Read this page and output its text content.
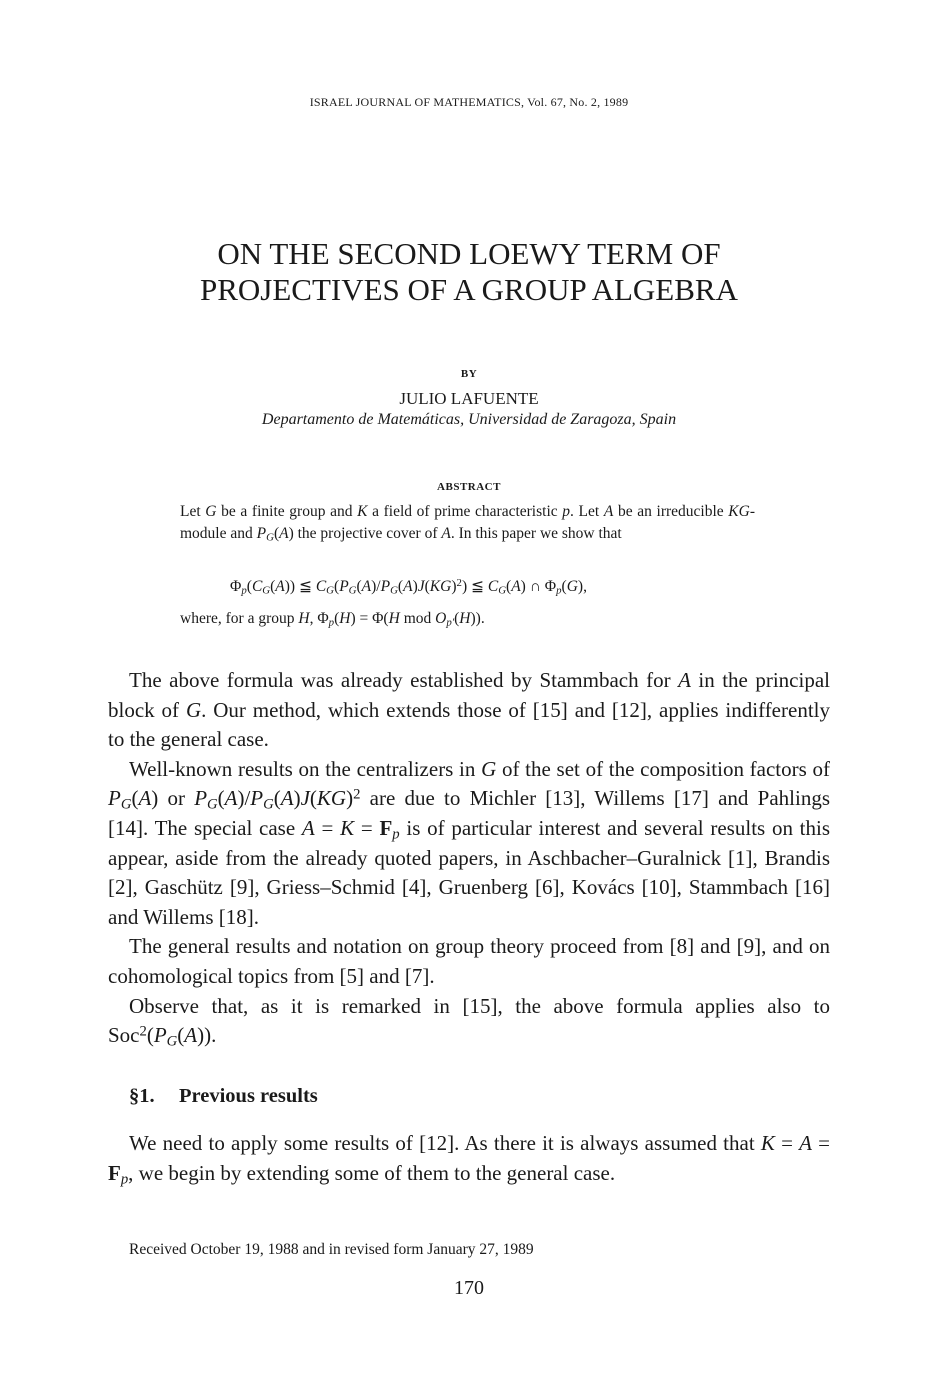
ISRAEL JOURNAL OF MATHEMATICS, Vol. 67, No. 2, 1989
ON THE SECOND LOEWY TERM OF
PROJECTIVES OF A GROUP ALGEBRA
BY
JULIO LAFUENTE
Departamento de Matemáticas, Universidad de Zaragoza, Spain
ABSTRACT
Let G be a finite group and K a field of prime characteristic p. Let A be an irreducible KG-module and $P_G(A)$ the projective cover of A. In this paper we show that
$\Phi_p(C_G(A))$ ≦ $C_G(P_G(A)/P_G(A)J(KG)^2)$ ≦ $C_G(A)$ ∩ $\Phi_p(G)$,
where, for a group H, $\Phi_p(H) = \Phi(H$ mod $O_{p'}(H)$).

The above formula was already established by Stammbach for A in the principal block of G. Our method, which extends those of [15] and [12], applies indifferently to the general case.

Well-known results on the centralizers in G of the set of the composition factors of $P_G(A)$ or $P_G(A)/P_G(A)J(KG)^2$ are due to Michler [13], Willems [17] and Pahlings [14]. The special case $A = K = F_p$ is of particular interest and several results on this appear, aside from the already quoted papers, in Aschbacher–Guralnick [1], Brandis [2], Gaschütz [9], Griess–Schmid [4], Gruenberg [6], Kovács [10], Stammbach [16] and Willems [18].

The general results and notation on group theory proceed from [8] and [9], and on cohomological topics from [5] and [7].

Observe that, as it is remarked in [15], the above formula applies also to $Soc^2(P_G(A))$.

§1. Previous results

We need to apply some results of [12]. As there it is always assumed that $K = A = F_p$, we begin by extending some of them to the general case.

Received October 19, 1988 and in revised form January 27, 1989
170
